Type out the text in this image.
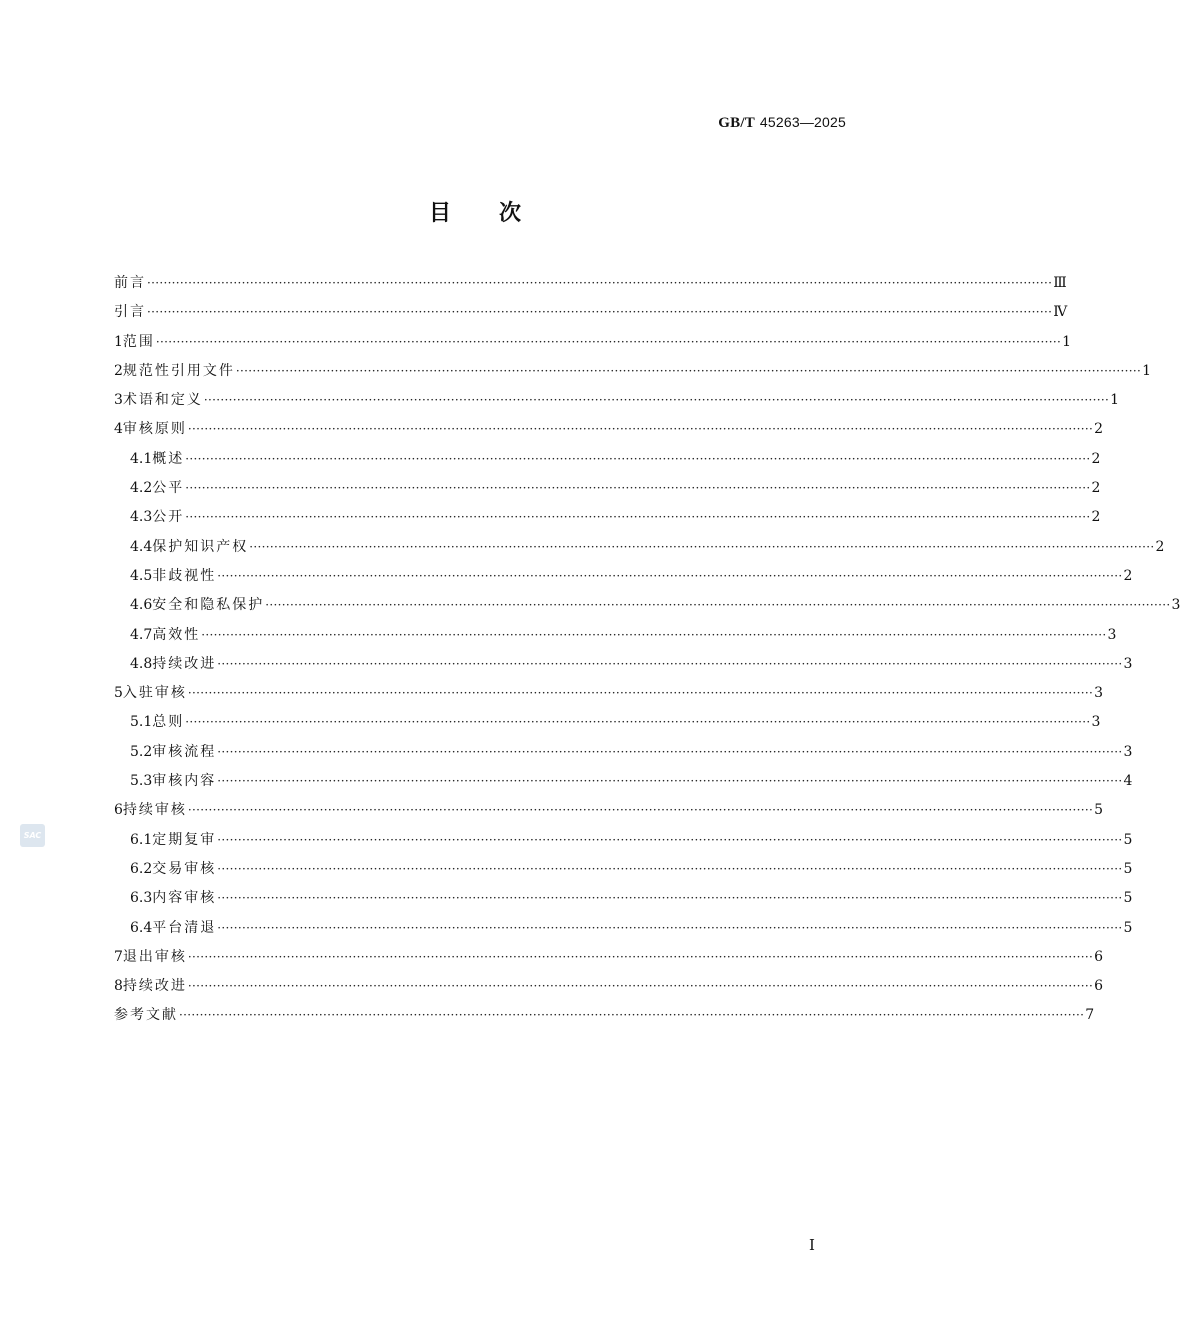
GB/T 45263—2025
目次
前言 ···························································································································································································································· Ⅲ
引言 ···························································································································································································································· Ⅳ
1 范围 ···························································································································································································································· 1
2 规范性引用文件 ···························································································································································································································· 1
3 术语和定义 ···························································································································································································································· 1
4 审核原则 ···························································································································································································································· 2
4.1 概述 ···························································································································································································································· 2
4.2 公平 ···························································································································································································································· 2
4.3 公开 ···························································································································································································································· 2
4.4 保护知识产权 ···························································································································································································································· 2
4.5 非歧视性 ···························································································································································································································· 2
4.6 安全和隐私保护 ···························································································································································································································· 3
4.7 高效性 ···························································································································································································································· 3
4.8 持续改进 ···························································································································································································································· 3
5 入驻审核 ···························································································································································································································· 3
5.1 总则 ···························································································································································································································· 3
5.2 审核流程 ···························································································································································································································· 3
5.3 审核内容 ···························································································································································································································· 4
6 持续审核 ···························································································································································································································· 5
6.1 定期复审 ···························································································································································································································· 5
6.2 交易审核 ···························································································································································································································· 5
6.3 内容审核 ···························································································································································································································· 5
6.4 平台清退 ···························································································································································································································· 5
7 退出审核 ···························································································································································································································· 6
8 持续改进 ···························································································································································································································· 6
参考文献 ···························································································································································································································· 7
SAC
I
